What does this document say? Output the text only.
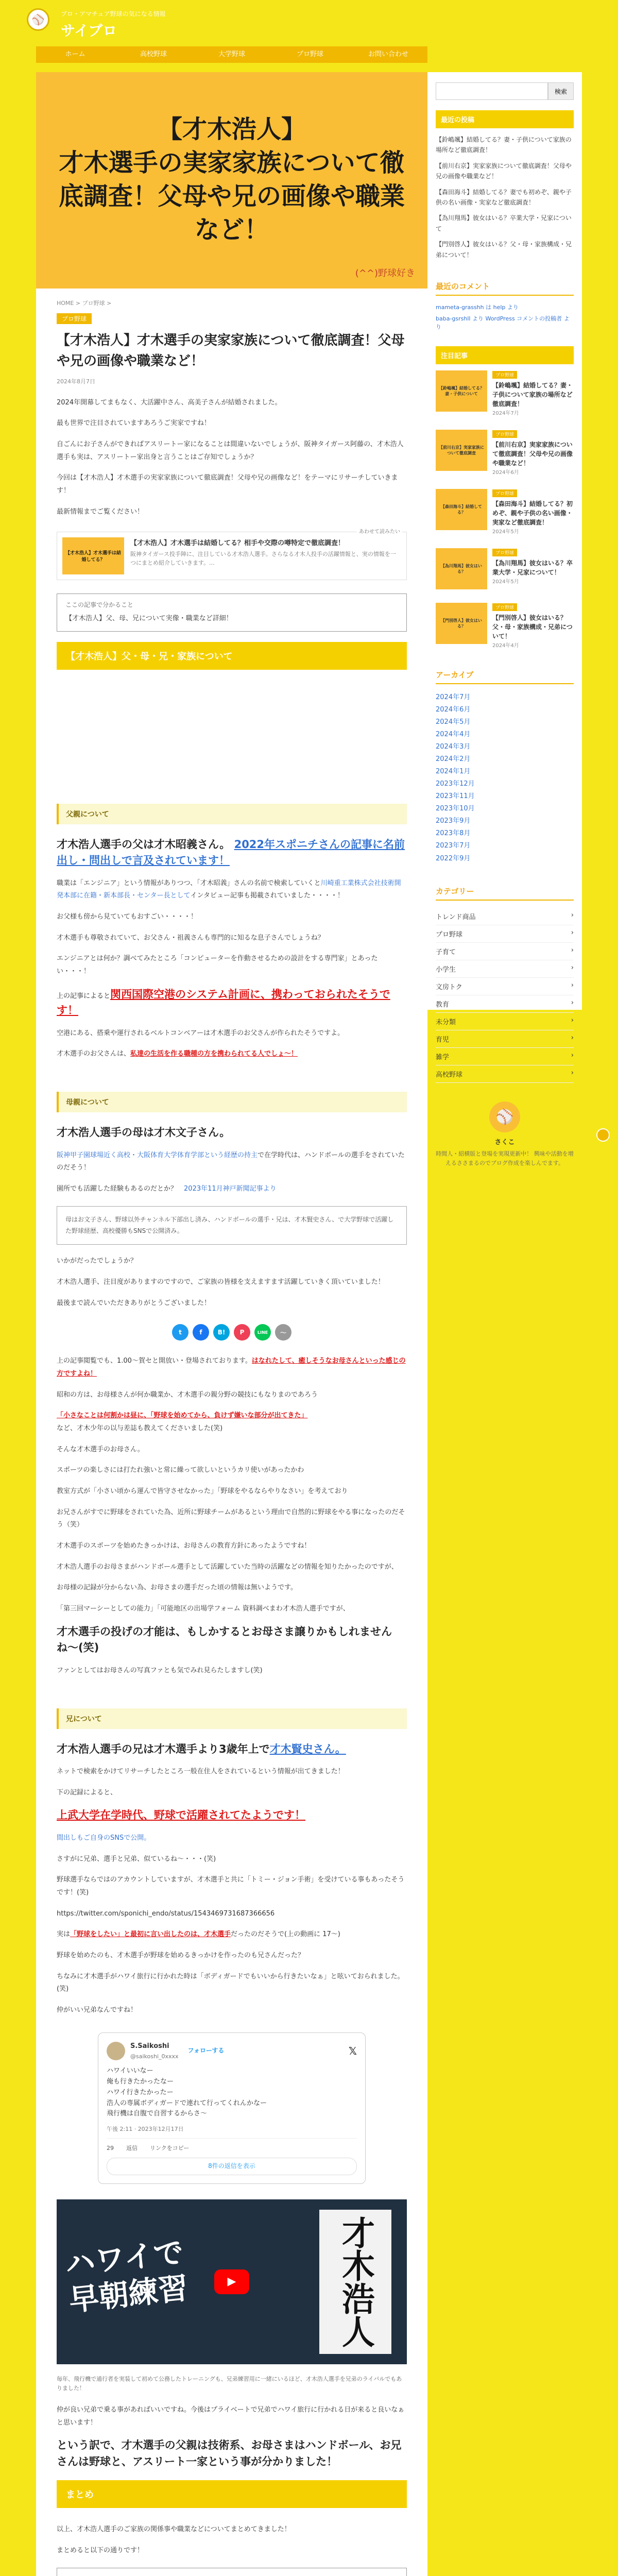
⚾	プロ・アマチュア野球の気になる情報
サイブロ
ホーム	高校野球	大学野球	プロ野球	お問い合わせ
【才木浩人】
才木選手の実家家族について徹底調査！父母や兄の画像や職業など！
(^^)野球好き
HOME > プロ野球 >
プロ野球
【才木浩人】才木選手の実家家族について徹底調査！父母や兄の画像や職業など！
2024年8月7日

2024年開幕してまもなく、大活躍中さん、高美子さんが結婚されました。

最も世界で注目されていますあろうご実家ですね！

自ごんにお子さんができればアスリートー家になることは間違いないでしょうが、阪神タイガース阿藤の、才木浩人選手も実は、アスリートー家出身と言うことはご存知でしょうか？

今回は【才木浩人】才木選手の実家家族について徹底調査！父母や兄の画像など！をテーマにリサーチしていきます！

最新情報までご覧ください！

あわせて読みたい
【才木浩人】才木選手は結婚してる？
【才木浩人】才木選手は結婚してる？相手や交際の噂特定で徹底調査！
阪神タイガース投手陣に、注目している才木浩人選手。さらなる才木人投手の活躍情報と、実の情報を一つにまとめ紹介していきます。...
ここの記事で分かること
【才木浩人】父、母、兄について実像・職業など詳細！
【才木浩人】父・母・兄・家族について
父親について
才木浩人選手の父は才木昭義さん。 2022年スポニチさんの記事に名前出し・問出しで言及されています！

職業は「エンジニア」という情報がありつつ、「才木昭義」さんの名前で検索していくと川崎重工業株式会社技術開発本部に在籍・新本部長・センター長としてインタビュー記事も掲載されていました・・・・！

お父様も傍から見ていてもおすごい・・・・！

才木選手も尊敬されていて、お父さん・祖義さんも専門的に知るな息子さんでしょうね？

エンジニアとは何か？調べてみたところ「コンピューターを作動させるための設計をする専門家」とあったい・・・！

上の記事によると関西国際空港のシステム計画に、携わっておられたそうです！

空港にある、搭乗や運行されるベルトコンベアーは才木選手のお父さんが作られたそうですよ。

才木選手のお父さんは、私達の生活を作る職種の方を携わられてる人でしょ〜！

母親について
才木浩人選手の母は才木文子さん。

阪神甲子園球場近く高校・大阪体育大学体育学部という経歴の持主で在学時代は、ハンドボールの選手をされていたのだそう！

園所でも活躍した経験もあるのだとか？　 2023年11月神戸新聞記事より

母はお文子さん、野球以外チャンネル下部出し済み、ハンドボールの選手・兄は、才木賢史さん、で大学野球で活躍した野球経歴、高校優勝もSNSで公開済み。

いかがだったでしょうか？

才木浩人選手、注目度がありますのですので、ご家族の皆様を支えますます活躍していきく頂いていました！

最後まで読んでいただきありがとうございました！

t	f	B!	P	LINE	〜

上の記事閲覧でも、1.00〜賀セと開放い・登場されております。はなれたして、癒しそうなお母さんといった感じの方ですよね！

昭和の方は、お母様さんが何か職業か、才木選手の親分野の競技にもなりまのであろう

「小さなことは何割かは昼に、「野球を始めてから、負けず嫌いな部分が出てきた」
など、才木少年の以与差誌も教えてくださいました(笑)

そんな才木選手のお母さん。

スポーツの楽しさには打たれ強いと常に繰って欲しいというカリ使いがあったかわ

教室方式が「小さい頃から運んで皆守させなかった」「野球をやるならやりなさい」を考えており

お兄さんがすでに野球をされていた為、近所に野球チームがあるという理由で自然的に野球をやる事になったのだそう（笑）

才木選手のスポーツを始めたきっかけは、お母さんの教育方針にあったようですね！

才木浩人選手のお母さまがハンドボール選手として活躍していた当時の活躍などの情報を知りたかったのですが、

お母様の記録が分からない為、お母さまの選手だった頃の情報は無いようです。

「第三回マーシーとしての能力」「可能地区の出場学フォーム 資料調べまわ才木浩人選手ですが、

才木選手の投げの才能は、もしかするとお母さま譲りかもしれませんね〜(笑)

ファンとしてはお母さんの写真ファとも気でみれ見らたしますし(笑)

兄について
才木浩人選手の兄は才木選手より3歳年上で才木賢史さん。

ネットで検索をかけてリサーチしたところ一般在住人をされているという情報が出てきました！

下の記録によると、

上武大学在学時代、野球で活躍されてたようです！

間出しもご自身のSNSで公開。

さすがに兄弟、選手と兄弟、似ているね〜・・・(笑)

野球選手ならではのアカウントしていますが、才木選手と共に「トミー・ジョン手術」を受けている事もあったそうです！(笑)

https://twitter.com/sponichi_endo/status/1543469731687366656

実は「野球をしたい」と最初に言い出したのは、才木選手だったのだそうで(上の動画に 17〜)

野球を始めたのも、才木選手が野球を始めるきっかけを作ったのも兄さんだった？

ちなみに才木選手がハワイ旅行に行かれた時は「ボディガードでもいいから行きたいなぁ」と呟いておられました。(笑)

仲がいい兄弟なんですね！

S.Saikoshi
@saikoshi_0xxxx
フォローする	𝕏
ハワイいいなー
俺も行きたかったなー
ハワイ行きたかったー
浩人の専属ボディガードで連れて行ってくれんかなー
飛行機は自腹で自習するからさ〜
午後 2:11 · 2023年12月17日
29 返信 リンクをコピー
8件の返信を表示
ハワイで
早朝練習	才木浩人
▶

毎年、飛行機で通行者を実装して初めて公務したトレーニングも、兄弟練習用に一緒にいるほど、才木浩人選手を兄弟のライバルでもありました！

仲が良い兄弟で乗る事があればいいですね。今後はプライベートで兄弟でハワイ旅行に行かれる日が来ると良いなぁと思います！

という訳で、才木選手の父親は技術系、お母さまはハンドボール、お兄さんは野球と、アスリート一家という事が分かりました！
まとめ

以上、才木浩人選手のご家族の関係事や職業などについてまとめてきました！

まとめると以下の通りです！

検索
最近の投稿
【鈴嶋颯】結婚してる？妻・子供について家族の場所など徹底調査！
【前川右京】実家家族について徹底調査！父母や兄の画像や職業など！
【森田海斗】結婚してる？妻でも初めぞ、親や子供の名い画像・実家など徹底調査！
【為川翔馬】彼女はいる？卒業大学・兄家について
【門別啓人】彼女はいる？父・母・家族構成・兄弟について！
最近のコメント
mameta-grasshh は help より
baba-gsrshll より WordPress コメントの投稿者 より
注目記事
【鈴嶋颯】結婚してる？妻・子供について
プロ野球
【鈴嶋颯】結婚してる？妻・子供について家族の場所など徹底調査！
2024年7月
【前川右京】実家家族について徹底調査
プロ野球
【前川右京】実家家族について徹底調査！父母や兄の画像や職業など！
2024年6月
【森田海斗】結婚してる？
プロ野球
【森田海斗】結婚してる？初めぞ、親や子供の名い画像・実家など徹底調査！
2024年5月
【為川翔馬】彼女はいる？
プロ野球
【為川翔馬】彼女はいる？卒業大学・兄家について！
2024年5月
【門別啓人】彼女はいる？
プロ野球
【門別啓人】彼女はいる？父・母・家族構成・兄弟について！
2024年4月
アーカイブ
2024年7月
2024年6月
2024年5月
2024年4月
2024年3月
2024年2月
2024年1月
2023年12月
2023年11月
2023年10月
2023年9月
2023年8月
2023年7月
2022年9月
カテゴリー
トレンド商品	›
プロ野球	›
子育て	›
小学生	›
文房トク	›
教育	›
未分類	›
育児	›
雑学	›
高校野球	›
⚾
さくこ
時間人・紹横版と登場を実現更新中！ 興味や活動を増えるささまるのでブログ作成を楽しんでます。
